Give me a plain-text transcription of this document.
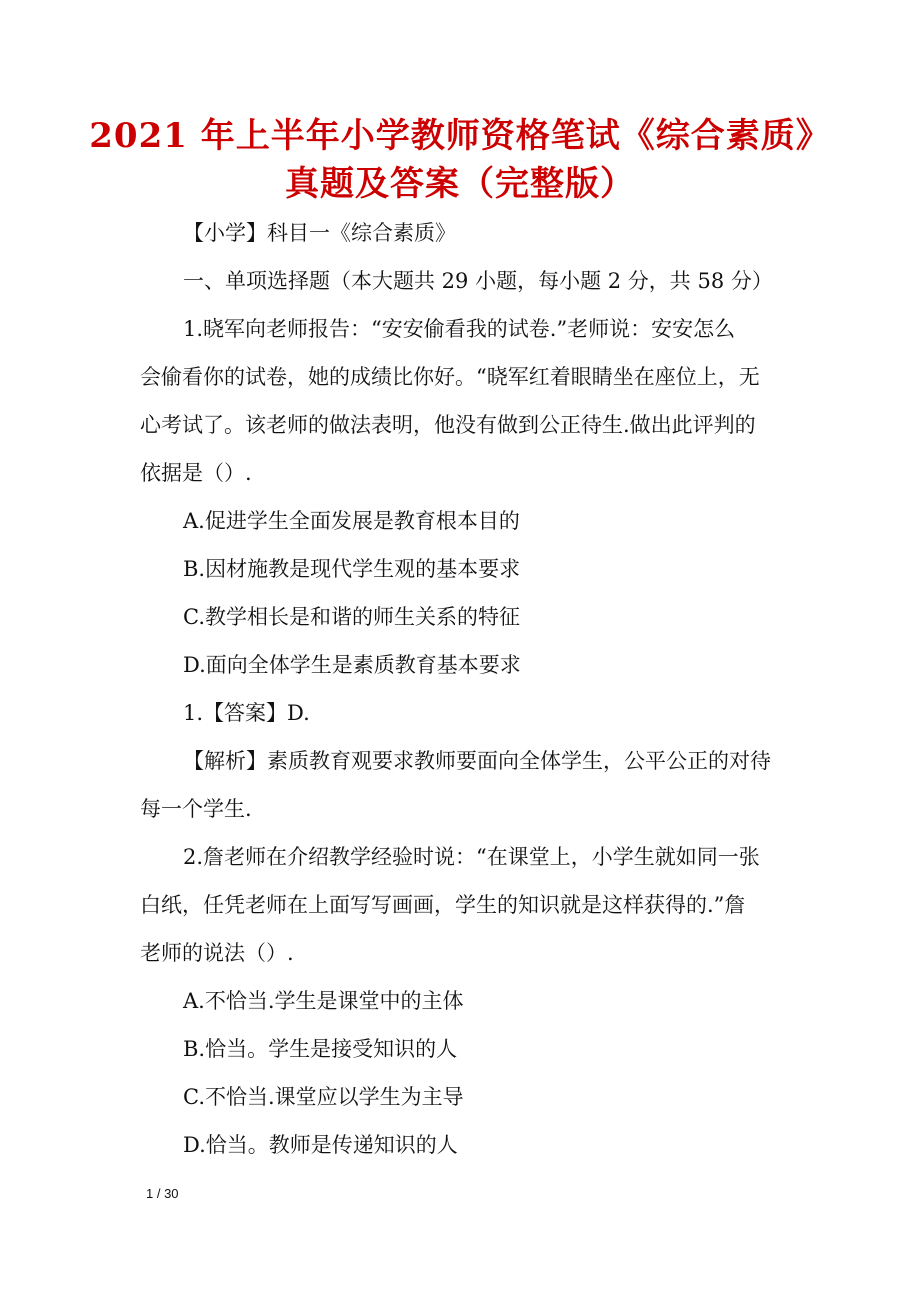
2021 年上半年小学教师资格笔试《综合素质》
真题及答案（完整版）
【小学】科目一《综合素质》
一、单项选择题（本大题共 29 小题，每小题 2 分，共 58 分）
1.晓军向老师报告：“安安偷看我的试卷.”老师说：安安怎么
会偷看你的试卷，她的成绩比你好。“晓军红着眼睛坐在座位上，无
心考试了。该老师的做法表明，他没有做到公正待生.做出此评判的
依据是（）.
A.促进学生全面发展是教育根本目的
B.因材施教是现代学生观的基本要求
C.教学相长是和谐的师生关系的特征
D.面向全体学生是素质教育基本要求
1.【答案】D.
【解析】素质教育观要求教师要面向全体学生，公平公正的对待
每一个学生.
2.詹老师在介绍教学经验时说：“在课堂上，小学生就如同一张
白纸，任凭老师在上面写写画画，学生的知识就是这样获得的.”詹
老师的说法（）.
A.不恰当.学生是课堂中的主体
B.恰当。学生是接受知识的人
C.不恰当.课堂应以学生为主导
D.恰当。教师是传递知识的人
1 / 30
